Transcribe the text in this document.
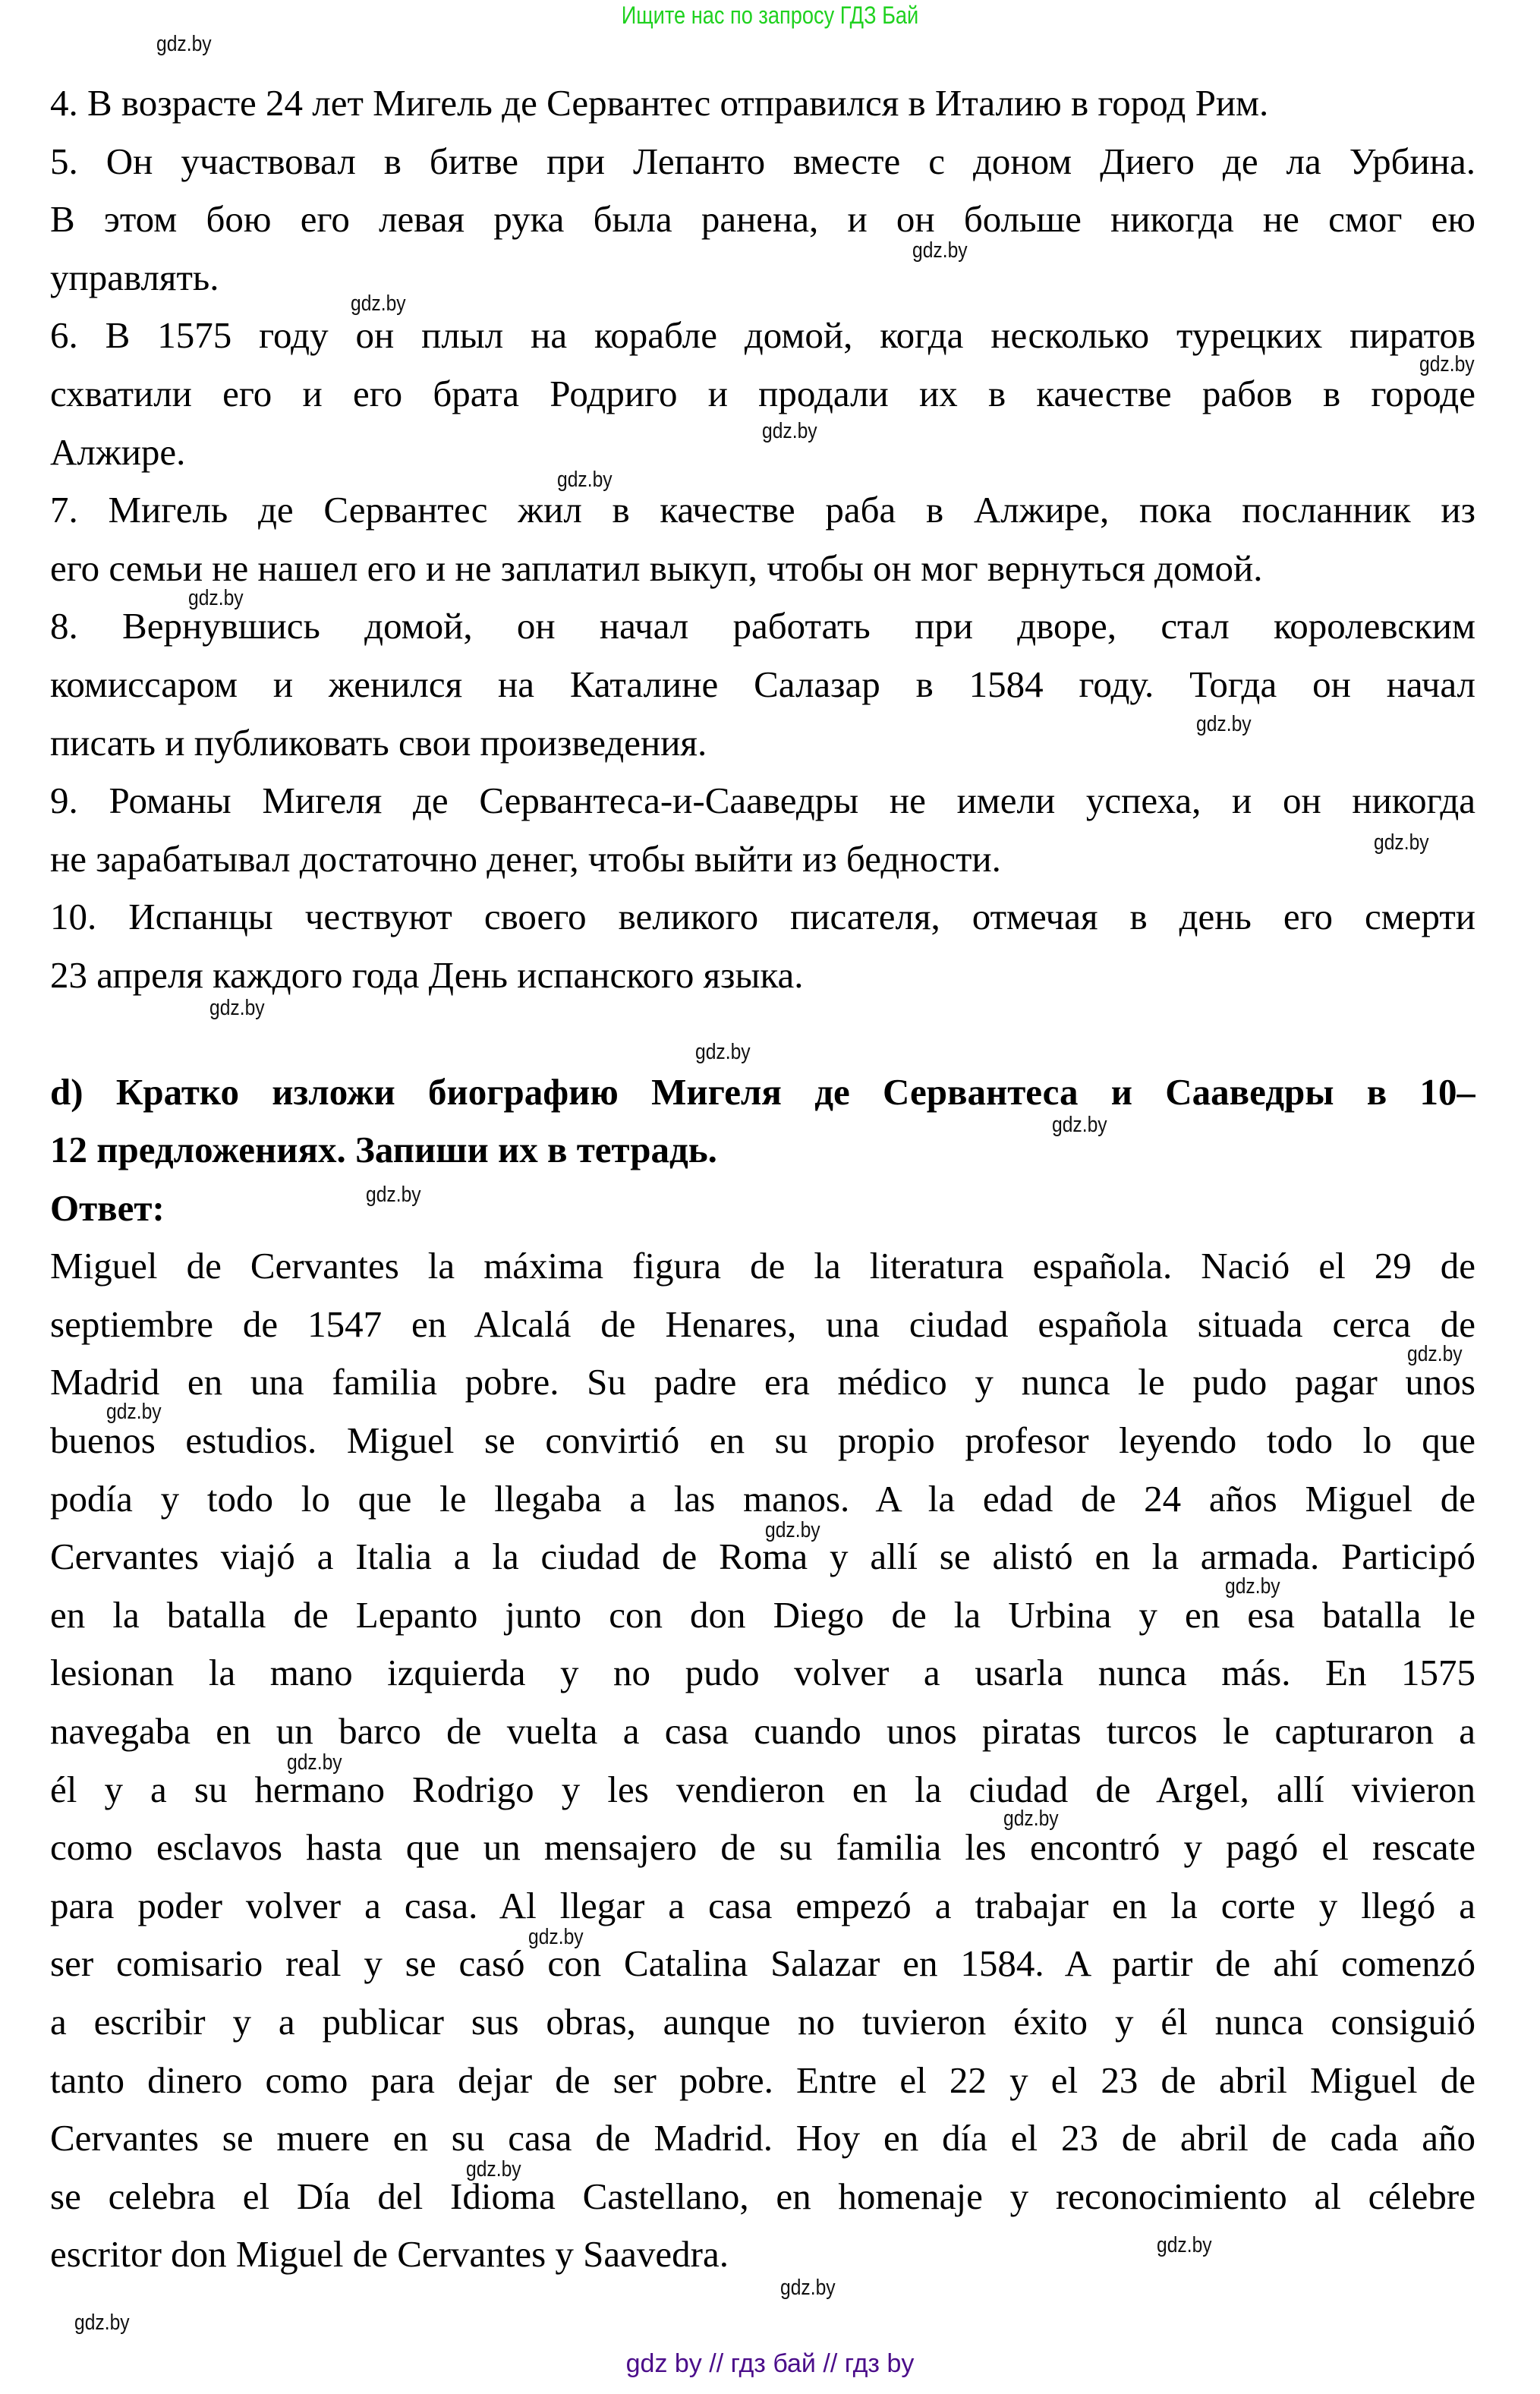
Ищите нас по запросу ГДЗ Бай
4. В возрасте 24 лет Мигель де Сервантес отправился в Италию в город Рим.
5. Он участвовал в битве при Лепанто вместе с доном Диего де ла Урбина.
В этом бою его левая рука была ранена, и он больше никогда не смог ею
управлять.
6. В 1575 году он плыл на корабле домой, когда несколько турецких пиратов
схватили его и его брата Родриго и продали их в качестве рабов в городе
Алжире.
7. Мигель де Сервантес жил в качестве раба в Алжире, пока посланник из
его семьи не нашел его и не заплатил выкуп, чтобы он мог вернуться домой.
8. Вернувшись домой, он начал работать при дворе, стал королевским
комиссаром и женился на Каталине Салазар в 1584 году. Тогда он начал
писать и публиковать свои произведения.
9. Романы Мигеля де Сервантеса-и-Сааведры не имели успеха, и он никогда
не зарабатывал достаточно денег, чтобы выйти из бедности.
10. Испанцы чествуют своего великого писателя, отмечая в день его смерти
23 апреля каждого года День испанского языка.
d) Кратко изложи биографию Мигеля де Сервантеса и Сааведры в 10–
12 предложениях. Запиши их в тетрадь.
Ответ:
Miguel de Cervantes la máxima figura de la literatura española. Nació el 29 de
septiembre de 1547 en Alcalá de Henares, una ciudad española situada cerca de
Madrid en una familia pobre. Su padre era médico y nunca le pudo pagar unos
buenos estudios. Miguel se convirtió en su propio profesor leyendo todo lo que
podía y todo lo que le llegaba a las manos. A la edad de 24 años Miguel de
Cervantes viajó a Italia a la ciudad de Roma y allí se alistó en la armada. Participó
en la batalla de Lepanto junto con don Diego de la Urbina y en esa batalla le
lesionan la mano izquierda y no pudo volver a usarla nunca más. En 1575
navegaba en un barco de vuelta a casa cuando unos piratas turcos le capturaron a
él y a su hermano Rodrigo y les vendieron en la ciudad de Argel, allí vivieron
como esclavos hasta que un mensajero de su familia les encontró y pagó el rescate
para poder volver a casa. Al llegar a casa empezó a trabajar en la corte y llegó a
ser comisario real y se casó con Catalina Salazar en 1584. A partir de ahí comenzó
a escribir y a publicar sus obras, aunque no tuvieron éxito y él nunca consiguió
tanto dinero como para dejar de ser pobre. Entre el 22 y el 23 de abril Miguel de
Cervantes se muere en su casa de Madrid. Hoy en día el 23 de abril de cada año
se celebra el Día del Idioma Castellano, en homenaje y reconocimiento al célebre
escritor don Miguel de Cervantes y Saavedra.
gdz.by
gdz.by
gdz.by
gdz.by
gdz.by
gdz.by
gdz.by
gdz.by
gdz.by
gdz.by
gdz.by
gdz.by
gdz.by
gdz.by
gdz.by
gdz.by
gdz.by
gdz.by
gdz.by
gdz.by
gdz.by
gdz.by
gdz.by
gdz.by
gdz by // гдз бай // гдз by
